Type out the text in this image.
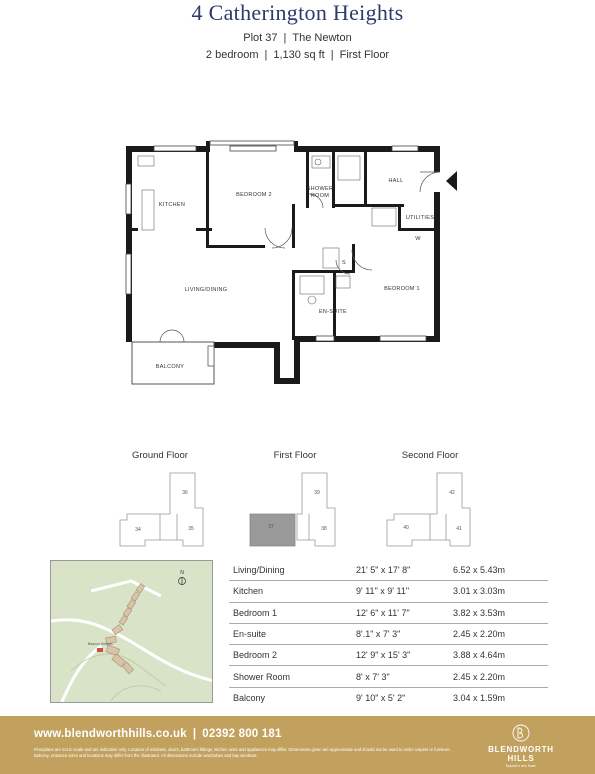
4 Catherington Heights
Plot 37 | The Newton
2 bedroom | 1,130 sq ft | First Floor
KITCHEN
BEDROOM 2
SHOWER
ROOM
HALL
UTILITIES
W
S
LIVING/DINING	BEDROOM 1
EN-SUITE
BALCONY
Ground Floor	First Floor	Second Floor
36
34	35
39
37	38
42
40	41
Beacon Heights
N	Living/Dining	21' 5" x 17' 8"	6.52 x 5.43m
Kitchen	9' 11" x 9' 11"	3.01 x 3.03m
Bedroom 1	12' 6" x 11' 7"	3.82 x 3.53m
En-suite	8'.1" x 7' 3"	2.45 x 2.20m
Bedroom 2	12' 9" x 15' 3"	3.88 x 4.64m
Shower Room	8' x 7' 3"	2.45 x 2.20m
Balcony	9' 10" x 5' 2"	3.04 x 1.59m
www.blendworthhills.co.uk | 02392 800 181
Floorplans are not to scale and are indicative only. Location of windows, doors, bathroom fittings, kitchen units and appliances may differ. Dimensions given are approximate and should not be used to order carpets or furniture. Balcony, entrance sizes and locations may differ from the illustrated. All dimensions include wardrobes and bay windows.
BLENDWORTH
HILLS
beyond a new home
